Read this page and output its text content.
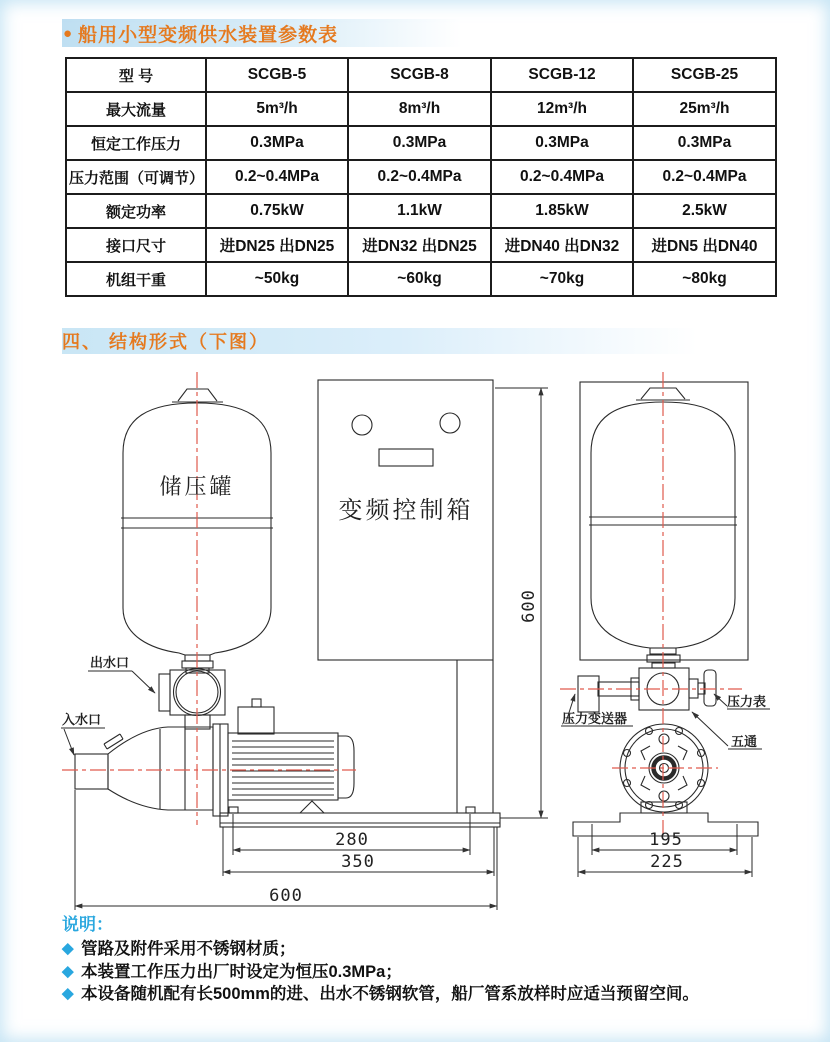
● 船用小型变频供水装置参数表
型 号	SCGB-5	SCGB-8	SCGB-12	SCGB-25
最大流量	5m³/h	8m³/h	12m³/h	25m³/h
恒定工作压力	0.3MPa	0.3MPa	0.3MPa	0.3MPa
压力范围（可调节）	0.2~0.4MPa	0.2~0.4MPa	0.2~0.4MPa	0.2~0.4MPa
额定功率	0.75kW	1.1kW	1.85kW	2.5kW
接口尺寸	进DN25 出DN25	进DN32 出DN25	进DN40 出DN32	进DN5 出DN40
机组干重	~50kg	~60kg	~70kg	~80kg
四、 结构形式（下图）
出水口
入水口	压力变送器
压力表
五通
储压罐
变频控制箱
280
350
600
600
195
225

说明：

◆ 管路及附件采用不锈钢材质；
◆ 本装置工作压力出厂时设定为恒压0.3MPa；
◆ 本设备随机配有长500mm的进、出水不锈钢软管，船厂管系放样时应适当预留空间。
